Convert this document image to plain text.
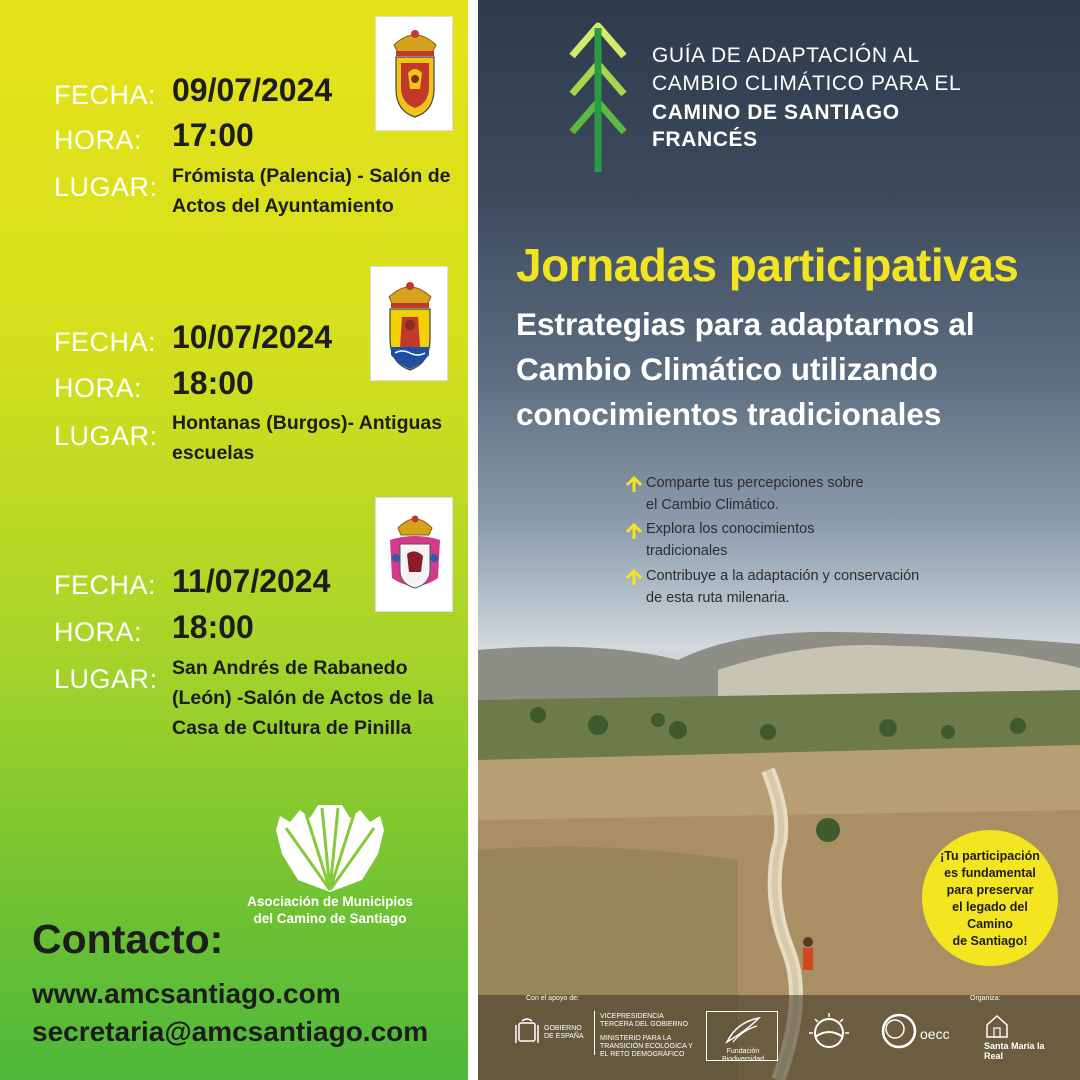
FECHA: 09/07/2024
HORA: 17:00
LUGAR: Frómista (Palencia) - Salón de
Actos del Ayuntamiento
FECHA: 10/07/2024
HORA: 18:00
LUGAR: Hontanas (Burgos)- Antiguas
escuelas
FECHA: 11/07/2024
HORA: 18:00
LUGAR: San Andrés de Rabanedo
(León) -Salón de Actos de la
Casa de Cultura de Pinilla
Asociación de Municipios
del Camino de Santiago
Contacto:
www.amcsantiago.com
secretaria@amcsantiago.com
GUÍA DE ADAPTACIÓN AL
CAMBIO CLIMÁTICO PARA EL
CAMINO DE SANTIAGO
FRANCÉS
Jornadas participativas
Estrategias para adaptarnos al
Cambio Climático utilizando
conocimientos tradicionales
Comparte tus percepciones sobre
el Cambio Climático.
Explora los conocimientos
tradicionales
Contribuye a la adaptación y conservación
de esta ruta milenaria.
¡Tu participación
es fundamental
para preservar
el legado del
Camino
de Santiago!
Con el apoyo de:	Organiza:
GOBIERNO DE ESPAÑA
VICEPRESIDENCIA TERCERA DEL GOBIERNO
MINISTERIO PARA LA TRANSICIÓN ECOLÓGICA Y EL RETO DEMOGRÁFICO	Fundación Biodiversidad
oecc
Santa María la Real
